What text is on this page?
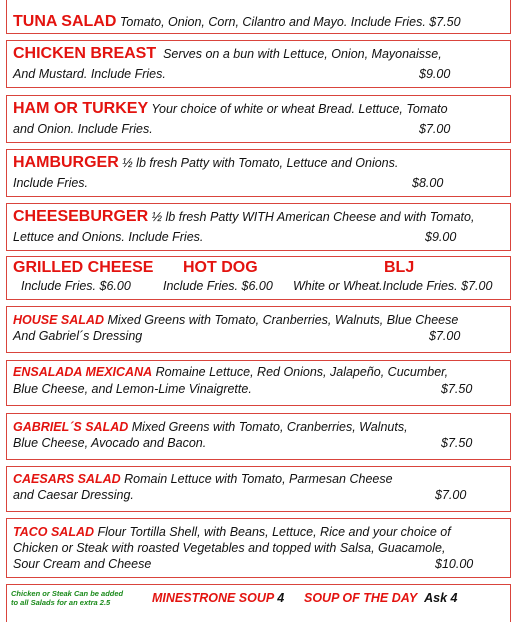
TUNA SALAD Tomato, Onion, Corn, Cilantro and Mayo. Include Fries. $7.50
CHICKEN BREAST Serves on a bun with Lettuce, Onion, Mayonaisse,
And Mustard. Include Fries.	$9.00
HAM OR TURKEY Your choice of white or wheat Bread. Lettuce, Tomato
and Onion. Include Fries.	$7.00
HAMBURGER ½ lb fresh Patty with Tomato, Lettuce and Onions.
Include Fries.	$8.00
CHEESEBURGER ½ lb fresh Patty WITH American Cheese and with Tomato,
Lettuce and Onions. Include Fries.	$9.00
GRILLED CHEESE
Include Fries. $6.00
HOT DOG
Include Fries. $6.00
BLJ
White or Wheat.Include Fries. $7.00
HOUSE SALAD Mixed Greens with Tomato, Cranberries, Walnuts, Blue Cheese
And Gabriel´s Dressing	$7.00
ENSALADA MEXICANA Romaine Lettuce, Red Onions, Jalapeño, Cucumber,
Blue Cheese, and Lemon-Lime Vinaigrette.	$7.50
GABRIEL´S SALAD Mixed Greens with Tomato, Cranberries, Walnuts,
Blue Cheese, Avocado and Bacon.	$7.50
CAESARS SALAD Romain Lettuce with Tomato, Parmesan Cheese
and Caesar Dressing.	$7.00
TACO SALAD Flour Tortilla Shell, with Beans, Lettuce, Rice and your choice of
Chicken or Steak with roasted Vegetables and topped with Salsa, Guacamole,
Sour Cream and Cheese	$10.00
Chicken or Steak Can be added
to all Salads for an extra 2.5	MINESTRONE SOUP 4 SOUP OF THE DAY Ask 4
